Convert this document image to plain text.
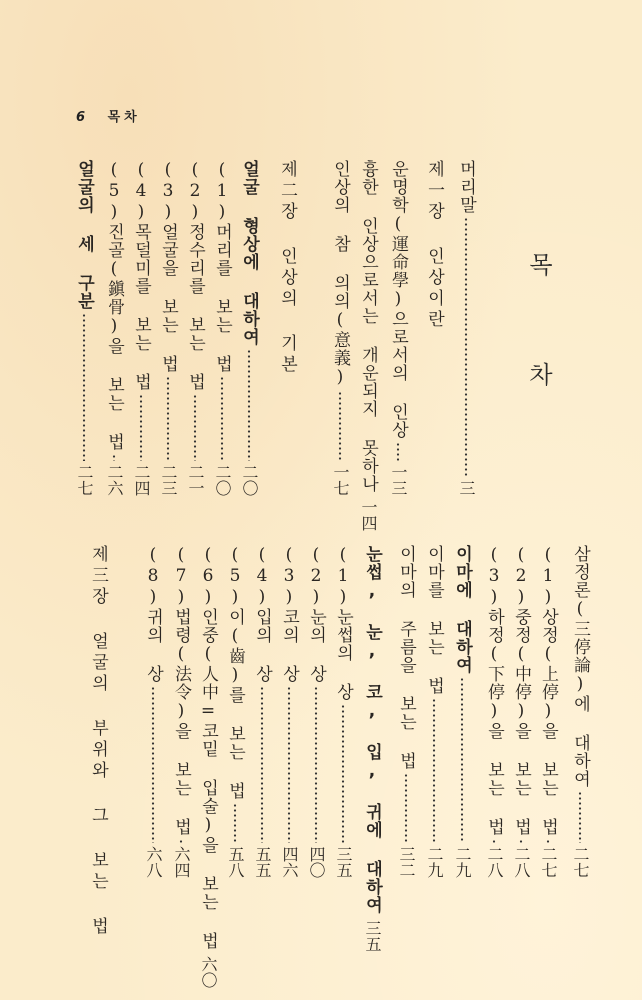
6 목차
목
차
머리말
三
제一장 인상이란
운명학(運命學)으로서의 인상
一三
흉한 인상으로서는 개운되지 못하나
一四
인상의 참 의의(意義)
一七
제二장 인상의 기본
얼굴 형상에 대하여
二〇
(1)머리를 보는 법
二〇
(2)정수리를 보는 법
二一
(3)얼굴을 보는 법
二三
(4)목덜미를 보는 법
二四
(5)진골(鎭骨)을 보는 법
二六
얼굴의 세 구분
二七
삼정론(三停論)에 대하여
二七
(1)상정(上停)을 보는 법
二七
(2)중정(中停)을 보는 법
二八
(3)하정(下停)을 보는 법
二八
이마에 대하여
二九
이마를 보는 법
二九
이마의 주름을 보는 법
三二
눈썹, 눈, 코, 입, 귀에 대하여
三五
(1)눈썹의 상
三五
(2)눈의 상
四〇
(3)코의 상
四六
(4)입의 상
五五
(5)이(齒)를 보는 법
五八
(6)인중(人中=코밑 입술)을 보는 법
六〇
(7)법령(法令)을 보는 법
六四
(8)귀의 상
六八
제三장 얼굴의 부위와 그 보는 법
